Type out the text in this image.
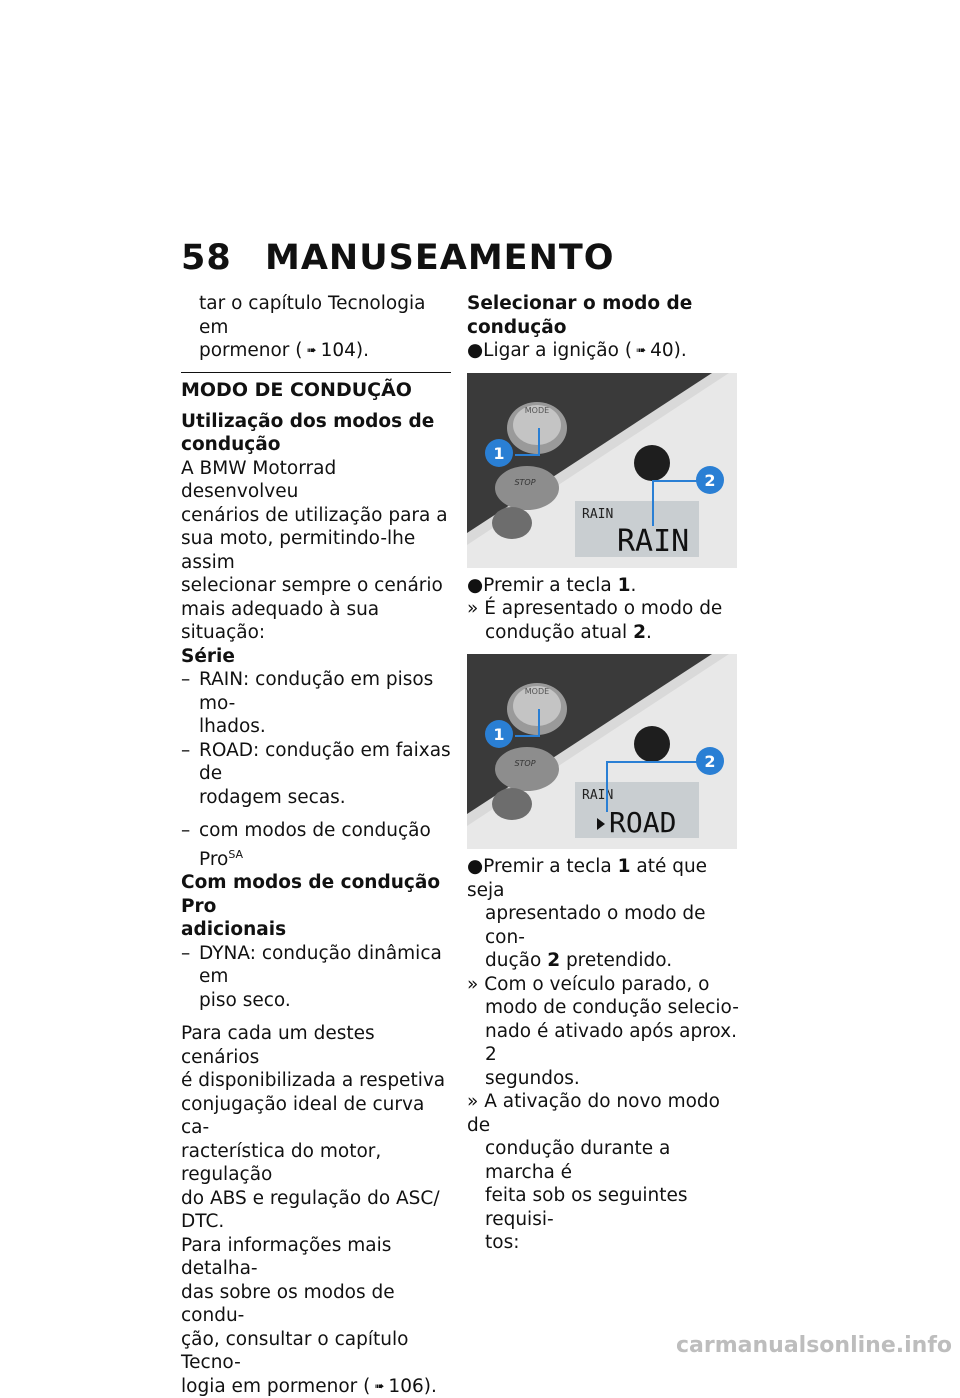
58 MANUSEAMENTO

tar o capítulo Tecnologia em

pormenor ( ➠ 104).

MODO DE CONDUÇÃO

Utilização dos modos de

condução

A BMW Motorrad desenvolveu

cenários de utilização para a

sua moto, permitindo-lhe assim

selecionar sempre o cenário

mais adequado à sua situação:

Série

– RAIN: condução em pisos mo-

lhados.

– ROAD: condução em faixas de

rodagem secas.

– com modos de condução

Pro$^{SA}$

Com modos de condução Pro

adicionais

– DYNA: condução dinâmica em

piso seco.

Para cada um destes cenários

é disponibilizada a respetiva

conjugação ideal de curva ca-

racterística do motor, regulação

do ABS e regulação do ASC/

DTC.

Para informações mais detalha-

das sobre os modos de condu-

ção, consultar o capítulo Tecno-

logia em pormenor ( ➠ 106).

Selecionar o modo de

condução

●Ligar a ignição ( ➠ 40).

MODE
STOP
RAIN
RAIN
1
2

●Premir a tecla 1.

» É apresentado o modo de

condução atual 2.

MODE
STOP
RAIN
ROAD
1
2

●Premir a tecla 1 até que seja

apresentado o modo de con-

dução 2 pretendido.

» Com o veículo parado, o

modo de condução selecio-

nado é ativado após aprox. 2

segundos.

» A ativação do novo modo de

condução durante a marcha é

feita sob os seguintes requisi-

tos:

carmanualsonline.info
